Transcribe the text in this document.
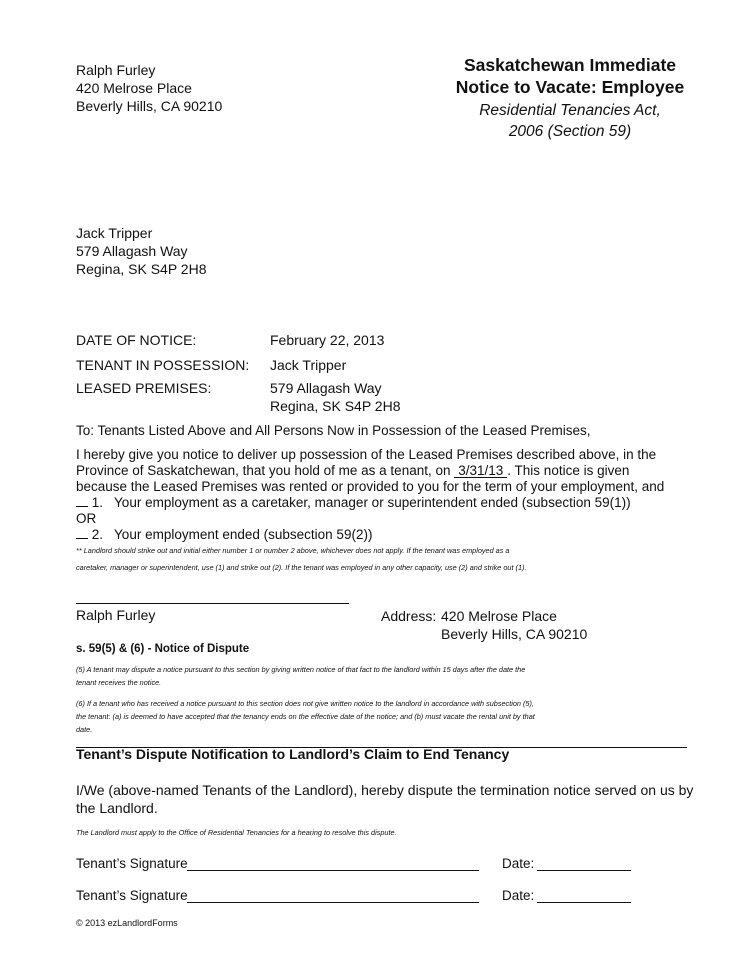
Ralph Furley
420 Melrose Place
Beverly Hills, CA 90210
Saskatchewan Immediate
Notice to Vacate: Employee
Residential Tenancies Act,
2006 (Section 59)
Jack Tripper
579 Allagash Way
Regina, SK S4P 2H8
DATE OF NOTICE:	February 22, 2013
TENANT IN POSSESSION: Jack Tripper
LEASED PREMISES:	579 Allagash Way
Regina, SK S4P 2H8
To: Tenants Listed Above and All Persons Now in Possession of the Leased Premises,
I hereby give you notice to deliver up possession of the Leased Premises described above, in the
Province of Saskatchewan, that you hold of me as a tenant, on 3/31/13 . This notice is given
because the Leased Premises was rented or provided to you for the term of your employment, and
1. Your employment as a caretaker, manager or superintendent ended (subsection 59(1))
OR
2. Your employment ended (subsection 59(2))
** Landlord should strike out and initial either number 1 or number 2 above, whichever does not apply. If the tenant was employed as a
caretaker, manager or superintendent, use (1) and strike out (2). If the tenant was employed in any other capacity, use (2) and strike out (1).
Ralph Furley	Address: 420 Melrose Place
Beverly Hills, CA 90210
s. 59(5) & (6) - Notice of Dispute
(5) A tenant may dispute a notice pursuant to this section by giving written notice of that fact to the landlord within 15 days after the date the
tenant receives the notice.
(6) If a tenant who has received a notice pursuant to this section does not give written notice to the landlord in accordance with subsection (5),
the tenant: (a) is deemed to have accepted that the tenancy ends on the effective date of the notice; and (b) must vacate the rental unit by that
date.
Tenant’s Dispute Notification to Landlord’s Claim to End Tenancy
I/We (above-named Tenants of the Landlord), hereby dispute the termination notice served on us by
the Landlord.
The Landlord must apply to the Office of Residential Tenancies for a hearing to resolve this dispute.
Tenant’s Signature	Date:
Tenant’s Signature	Date:
© 2013 ezLandlordForms
